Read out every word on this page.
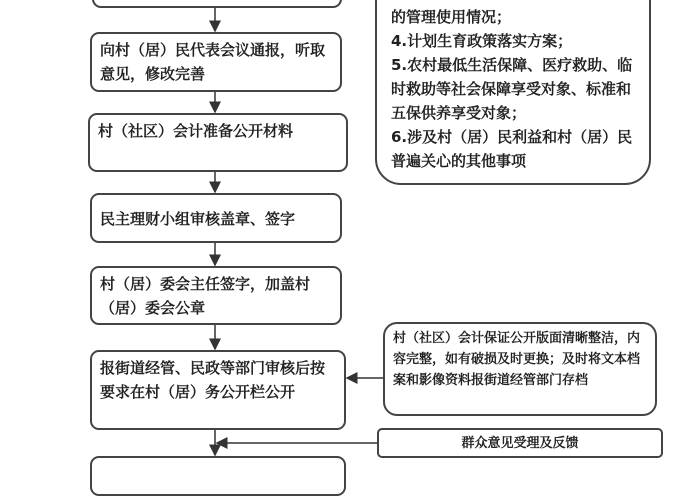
向村（居）民代表会议通报，听取意见，修改完善
村（社区）会计准备公开材料
民主理财小组审核盖章、签字
村（居）委会主任签字，加盖村（居）委会公章
报街道经管、民政等部门审核后按要求在村（居）务公开栏公开
的管理使用情况；
4.计划生育政策落实方案；
5.农村最低生活保障、医疗救助、临时救助等社会保障享受对象、标准和五保供养享受对象；
6.涉及村（居）民利益和村（居）民普遍关心的其他事项
村（社区）会计保证公开版面清晰整洁，内容完整，如有破损及时更换；及时将文本档案和影像资料报街道经管部门存档
群众意见受理及反馈
